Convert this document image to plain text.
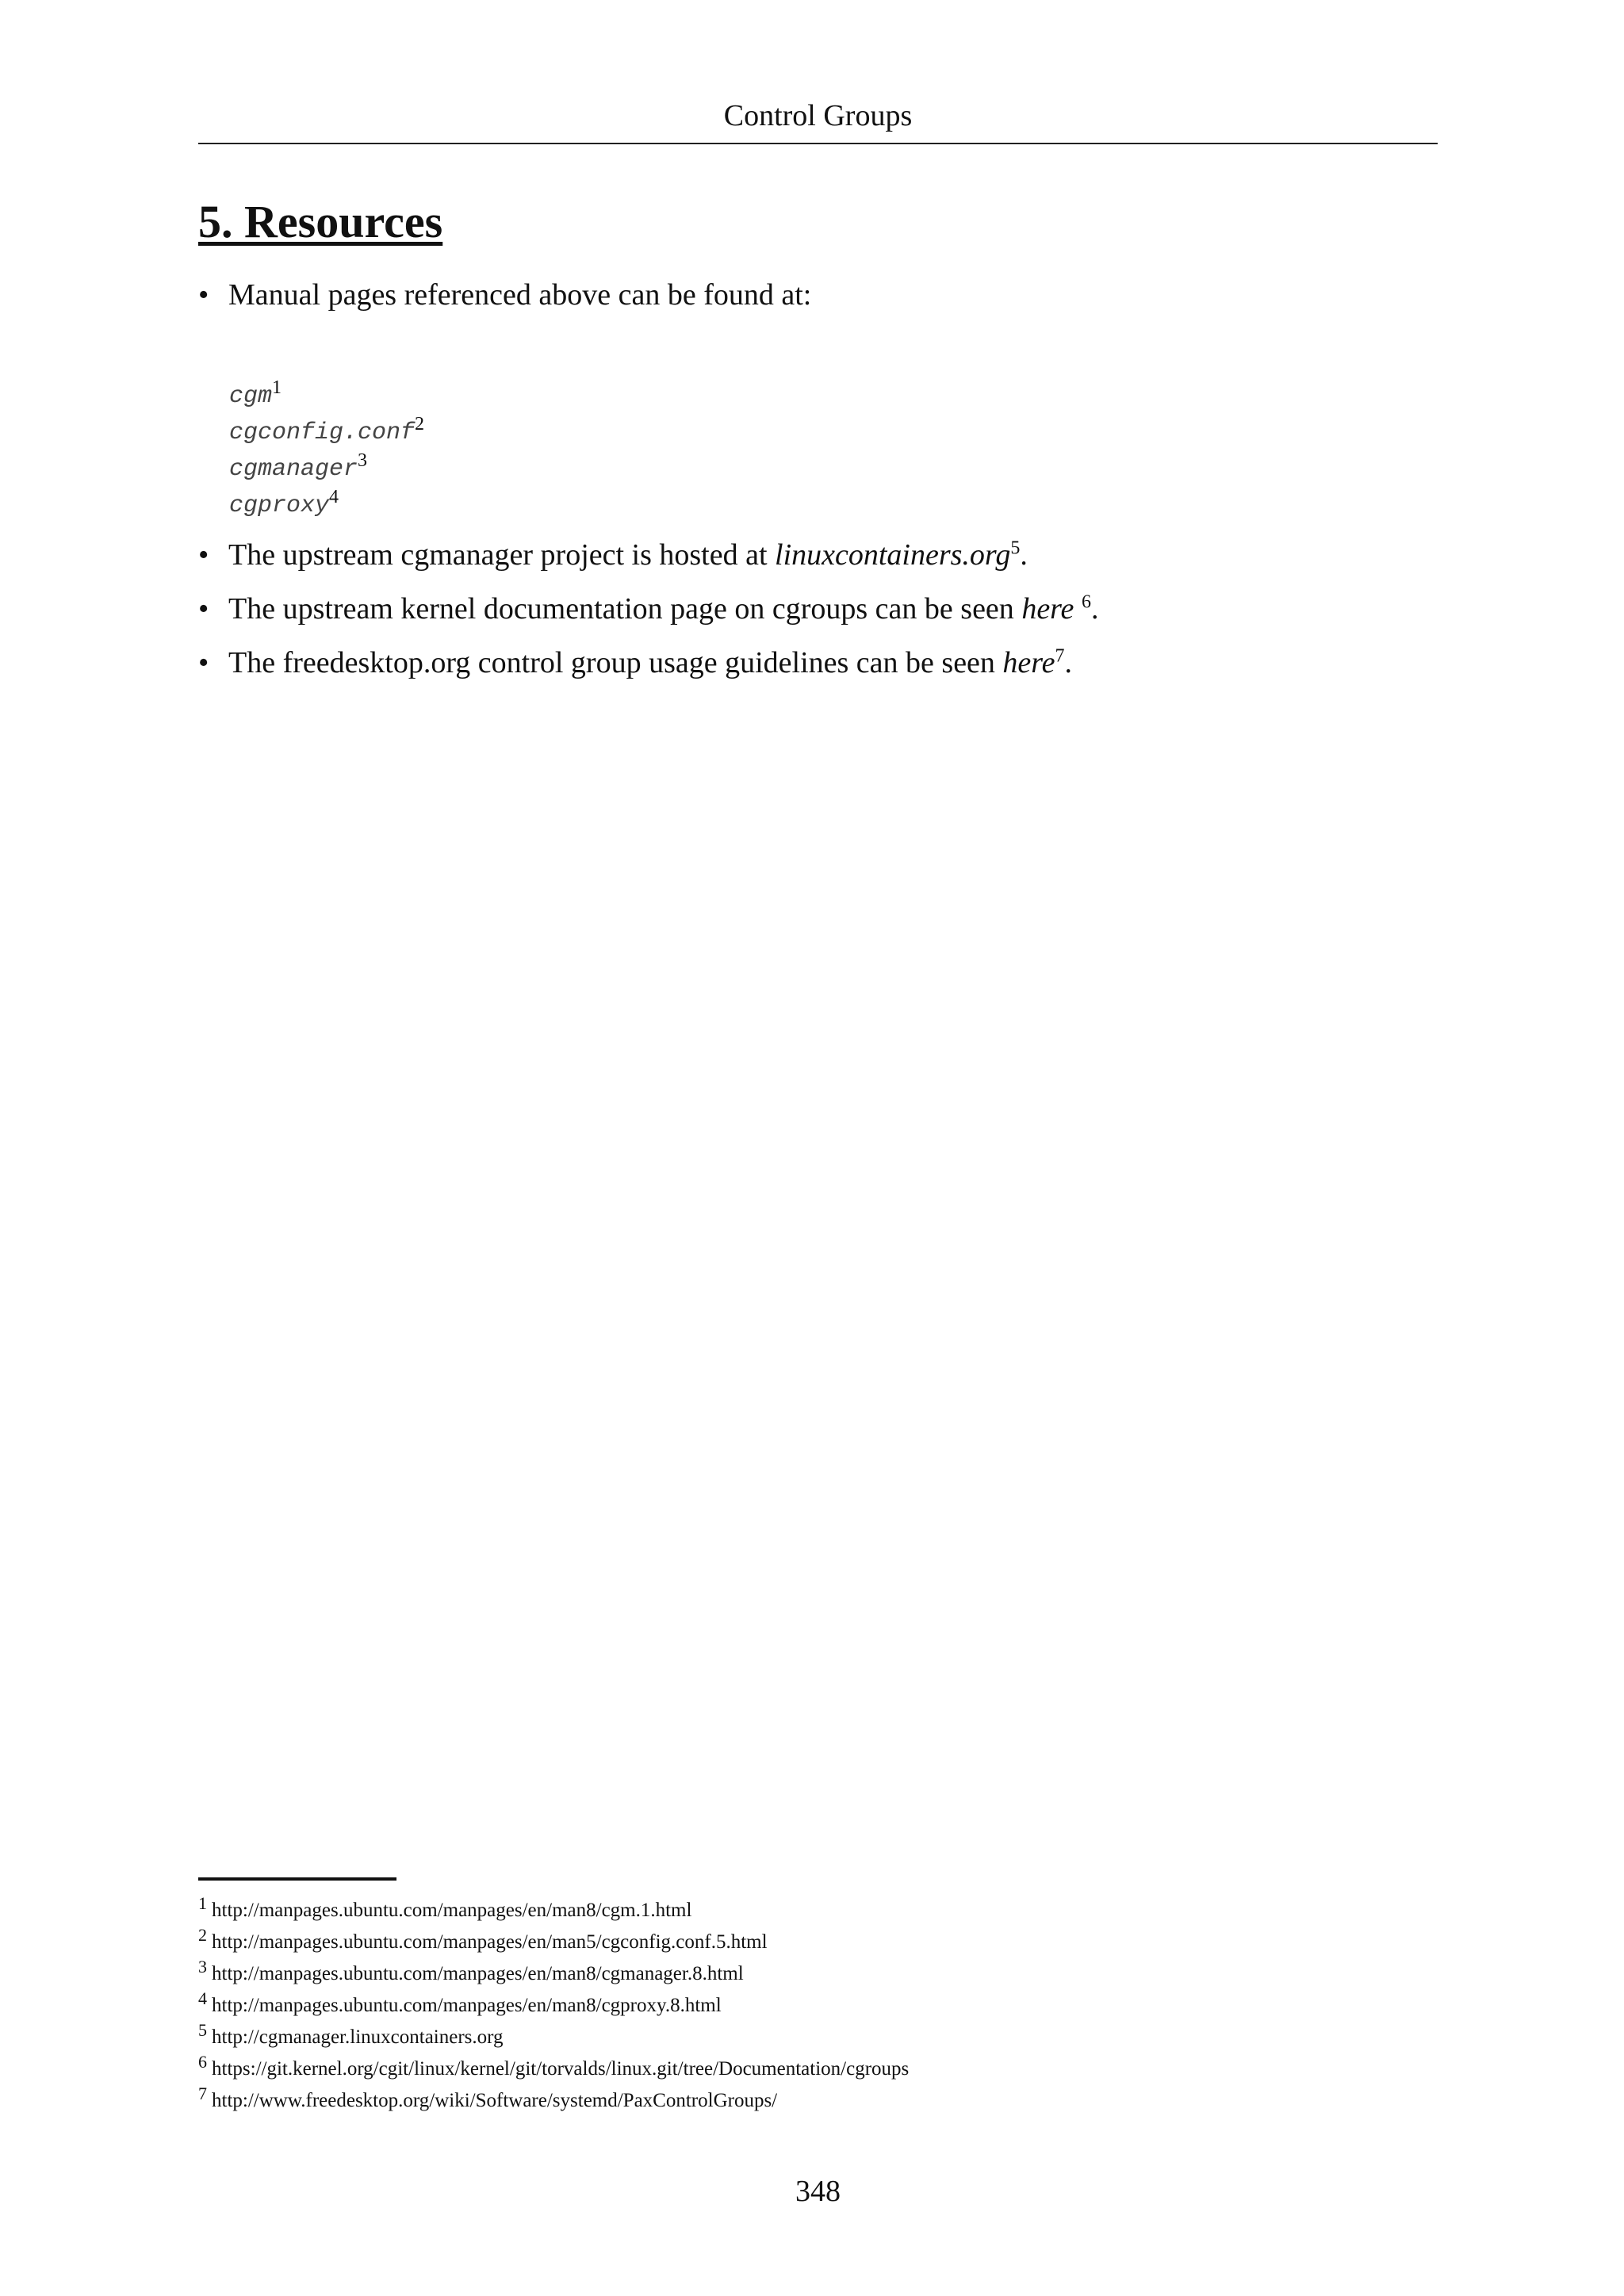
Control Groups
5. Resources
• Manual pages referenced above can be found at:
cgm$^1$
cgconfig.conf$^2$
cgmanager$^3$
cgproxy$^4$
• The upstream cgmanager project is hosted at linuxcontainers.org$^5$.
• The upstream kernel documentation page on cgroups can be seen here $^6$.
• The freedesktop.org control group usage guidelines can be seen here$^7$.
1 http://manpages.ubuntu.com/manpages/en/man8/cgm.1.html
2 http://manpages.ubuntu.com/manpages/en/man5/cgconfig.conf.5.html
3 http://manpages.ubuntu.com/manpages/en/man8/cgmanager.8.html
4 http://manpages.ubuntu.com/manpages/en/man8/cgproxy.8.html
5 http://cgmanager.linuxcontainers.org
6 https://git.kernel.org/cgit/linux/kernel/git/torvalds/linux.git/tree/Documentation/cgroups
7 http://www.freedesktop.org/wiki/Software/systemd/PaxControlGroups/
348
